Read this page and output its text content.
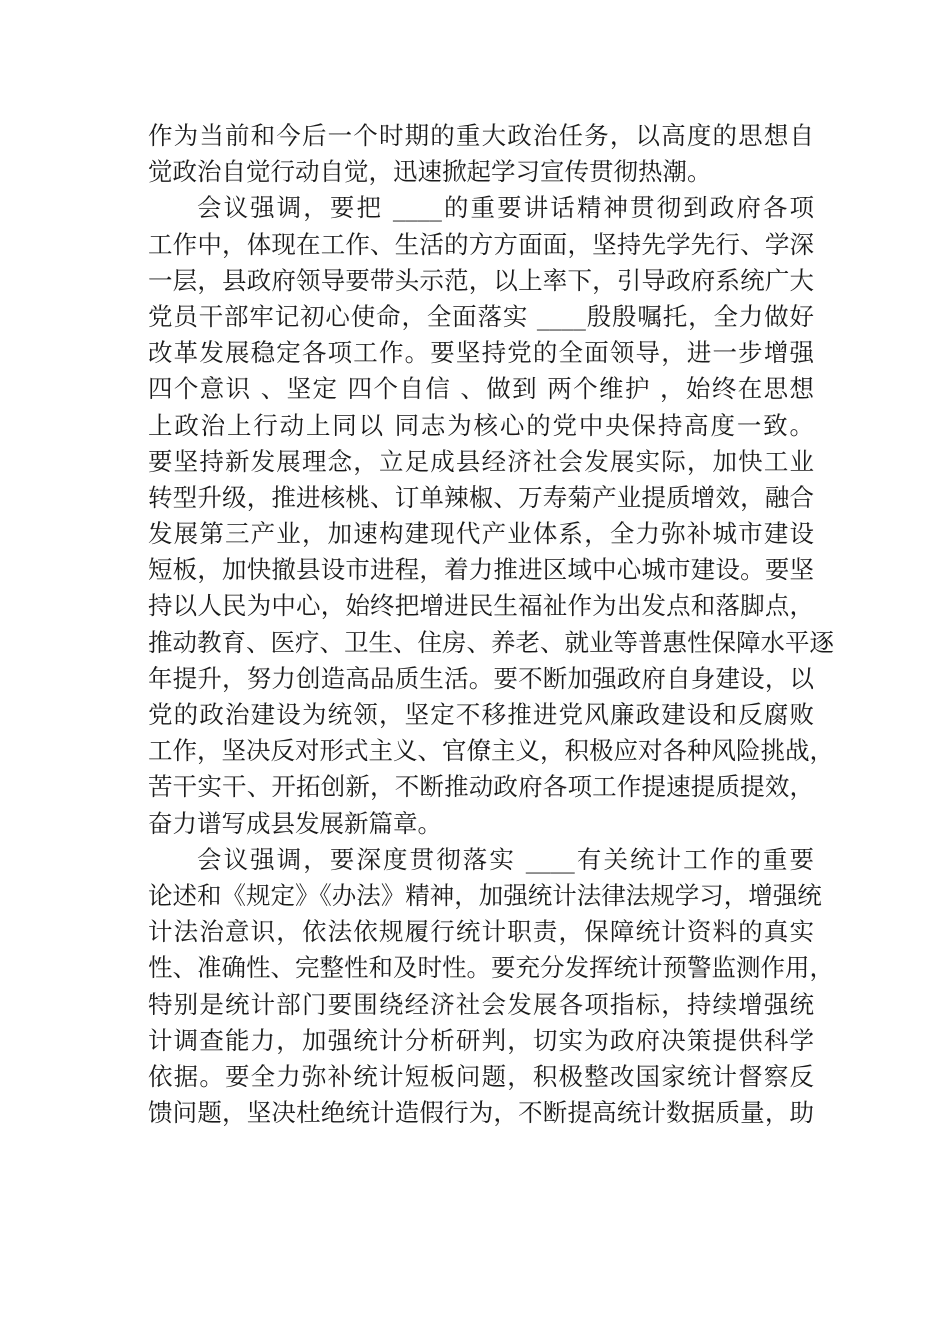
作为当前和今后一个时期的重大政治任务，以高度的思想自
觉政治自觉行动自觉，迅速掀起学习宣传贯彻热潮。
会议强调，要把 ____的重要讲话精神贯彻到政府各项
工作中，体现在工作、生活的方方面面，坚持先学先行、学深
一层，县政府领导要带头示范，以上率下，引导政府系统广大
党员干部牢记初心使命，全面落实 ____殷殷嘱托，全力做好
改革发展稳定各项工作。要坚持党的全面领导，进一步增强
四个意识 、坚定 四个自信 、做到 两个维护 ，始终在思想
上政治上行动上同以 同志为核心的党中央保持高度一致。
要坚持新发展理念，立足成县经济社会发展实际，加快工业
转型升级，推进核桃、订单辣椒、万寿菊产业提质增效，融合
发展第三产业，加速构建现代产业体系，全力弥补城市建设
短板，加快撤县设市进程，着力推进区域中心城市建设。要坚
持以人民为中心，始终把增进民生福祉作为出发点和落脚点，
推动教育、医疗、卫生、住房、养老、就业等普惠性保障水平逐
年提升，努力创造高品质生活。要不断加强政府自身建设，以
党的政治建设为统领，坚定不移推进党风廉政建设和反腐败
工作，坚决反对形式主义、官僚主义，积极应对各种风险挑战，
苦干实干、开拓创新，不断推动政府各项工作提速提质提效，
奋力谱写成县发展新篇章。
会议强调，要深度贯彻落实 ____有关统计工作的重要
论述和《规定》《办法》精神，加强统计法律法规学习，增强统
计法治意识，依法依规履行统计职责，保障统计资料的真实
性、准确性、完整性和及时性。要充分发挥统计预警监测作用，
特别是统计部门要围绕经济社会发展各项指标，持续增强统
计调查能力，加强统计分析研判，切实为政府决策提供科学
依据。要全力弥补统计短板问题，积极整改国家统计督察反
馈问题，坚决杜绝统计造假行为，不断提高统计数据质量，助
